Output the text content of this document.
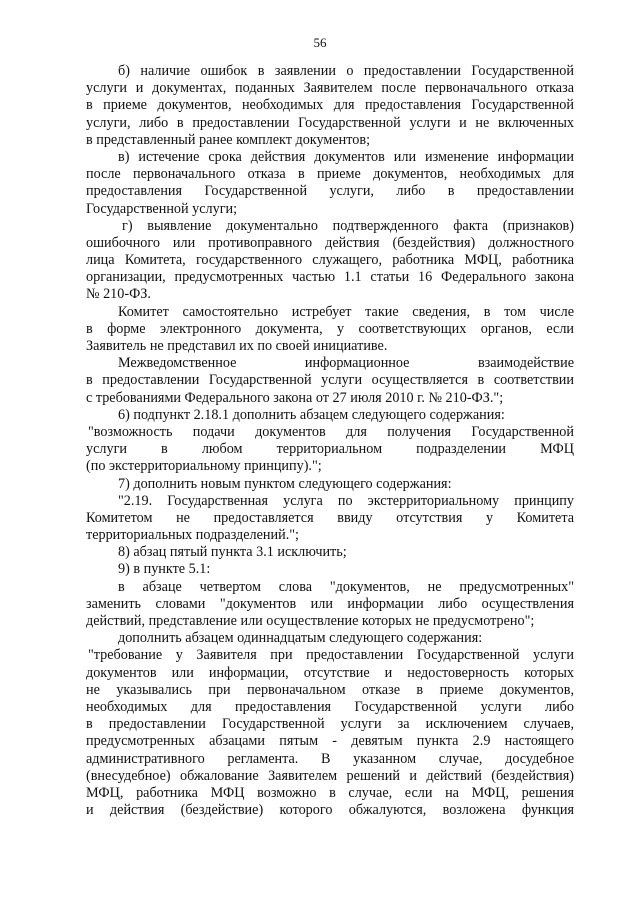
56
б) наличие ошибок в заявлении о предоставлении Государственной
услуги и документах, поданных Заявителем после первоначального отказа
в приеме документов, необходимых для предоставления Государственной
услуги, либо в предоставлении Государственной услуги и не включенных
в представленный ранее комплект документов;
в) истечение срока действия документов или изменение информации
после первоначального отказа в приеме документов, необходимых для
предоставления Государственной услуги, либо в предоставлении
Государственной услуги;
г) выявление документально подтвержденного факта (признаков)
ошибочного или противоправного действия (бездействия) должностного
лица Комитета, государственного служащего, работника МФЦ, работника
организации, предусмотренных частью 1.1 статьи 16 Федерального закона
№ 210-ФЗ.
Комитет самостоятельно истребует такие сведения, в том числе
в форме электронного документа, у соответствующих органов, если
Заявитель не представил их по своей инициативе.
Межведомственное информационное взаимодействие
в предоставлении Государственной услуги осуществляется в соответствии
с требованиями Федерального закона от 27 июля 2010 г. № 210-ФЗ.";
6) подпункт 2.18.1 дополнить абзацем следующего содержания:
"возможность подачи документов для получения Государственной
услуги в любом территориальном подразделении МФЦ
(по экстерриториальному принципу).";
7) дополнить новым пунктом следующего содержания:
"2.19. Государственная услуга по экстерриториальному принципу
Комитетом не предоставляется ввиду отсутствия у Комитета
территориальных подразделений.";
8) абзац пятый пункта 3.1 исключить;
9) в пункте 5.1:
в абзаце четвертом слова "документов, не предусмотренных"
заменить словами "документов или информации либо осуществления
действий, представление или осуществление которых не предусмотрено";
дополнить абзацем одиннадцатым следующего содержания:
"требование у Заявителя при предоставлении Государственной услуги
документов или информации, отсутствие и недостоверность которых
не указывались при первоначальном отказе в приеме документов,
необходимых для предоставления Государственной услуги либо
в предоставлении Государственной услуги за исключением случаев,
предусмотренных абзацами пятым - девятым пункта 2.9 настоящего
административного регламента. В указанном случае, досудебное
(внесудебное) обжалование Заявителем решений и действий (бездействия)
МФЦ, работника МФЦ возможно в случае, если на МФЦ, решения
и действия (бездействие) которого обжалуются, возложена функция
